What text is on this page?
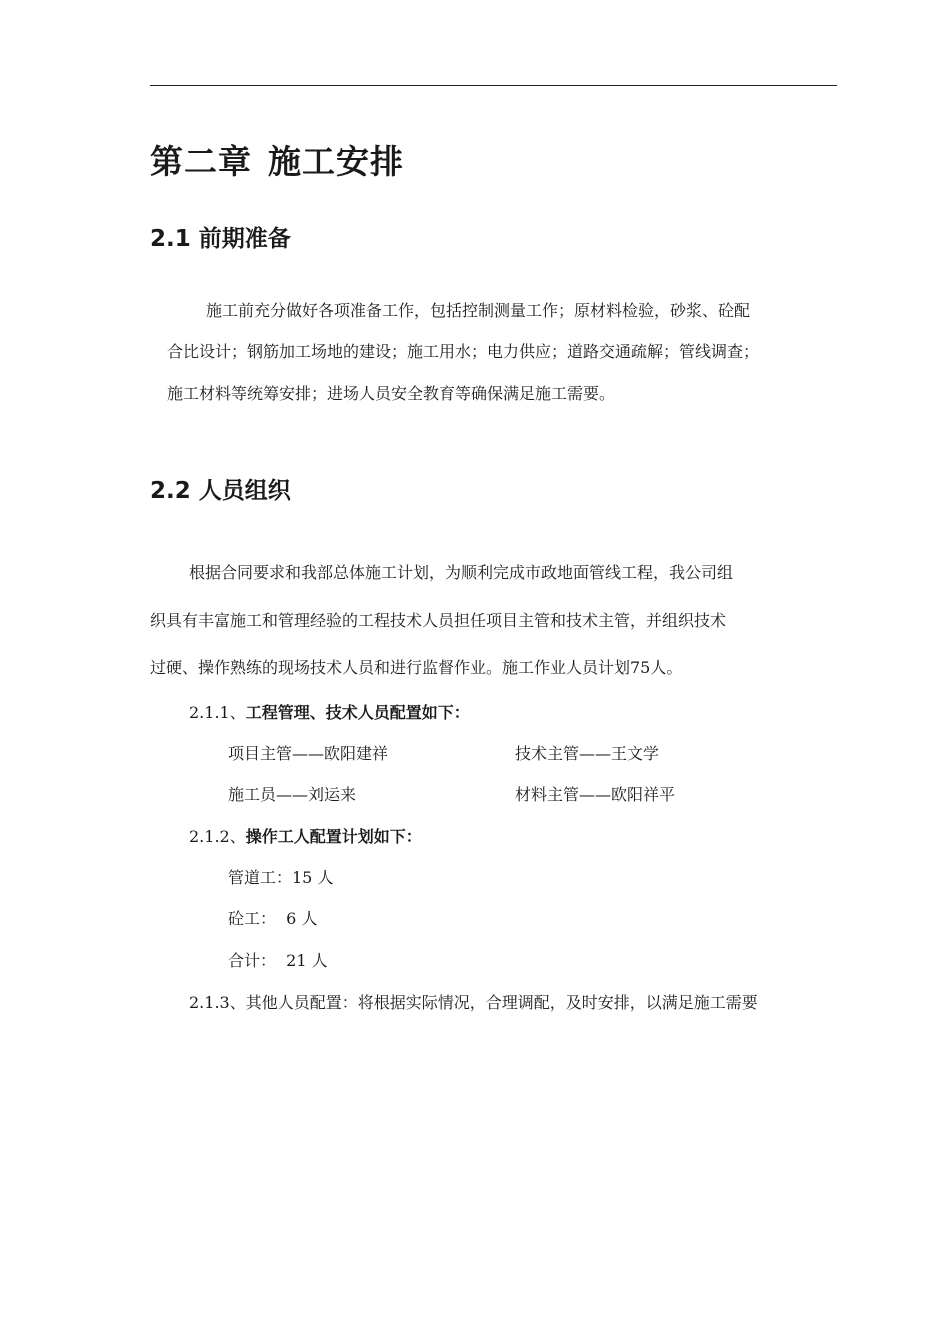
第二章 施工安排
2.1 前期准备
施工前充分做好各项准备工作，包括控制测量工作；原材料检验，砂浆、砼配
合比设计；钢筋加工场地的建设；施工用水；电力供应；道路交通疏解；管线调查；
施工材料等统筹安排；进场人员安全教育等确保满足施工需要。
2.2 人员组织
根据合同要求和我部总体施工计划，为顺利完成市政地面管线工程，我公司组
织具有丰富施工和管理经验的工程技术人员担任项目主管和技术主管，并组织技术
过硬、操作熟练的现场技术人员和进行监督作业。施工作业人员计划75人。
2.1.1、工程管理、技术人员配置如下：
项目主管——欧阳建祥	技术主管——王文学
施工员——刘运来	材料主管——欧阳祥平
2.1.2、操作工人配置计划如下：
管道工：15 人
砼工：  6 人
合计：  21 人
2.1.3、其他人员配置：将根据实际情况，合理调配，及时安排，以满足施工需要
